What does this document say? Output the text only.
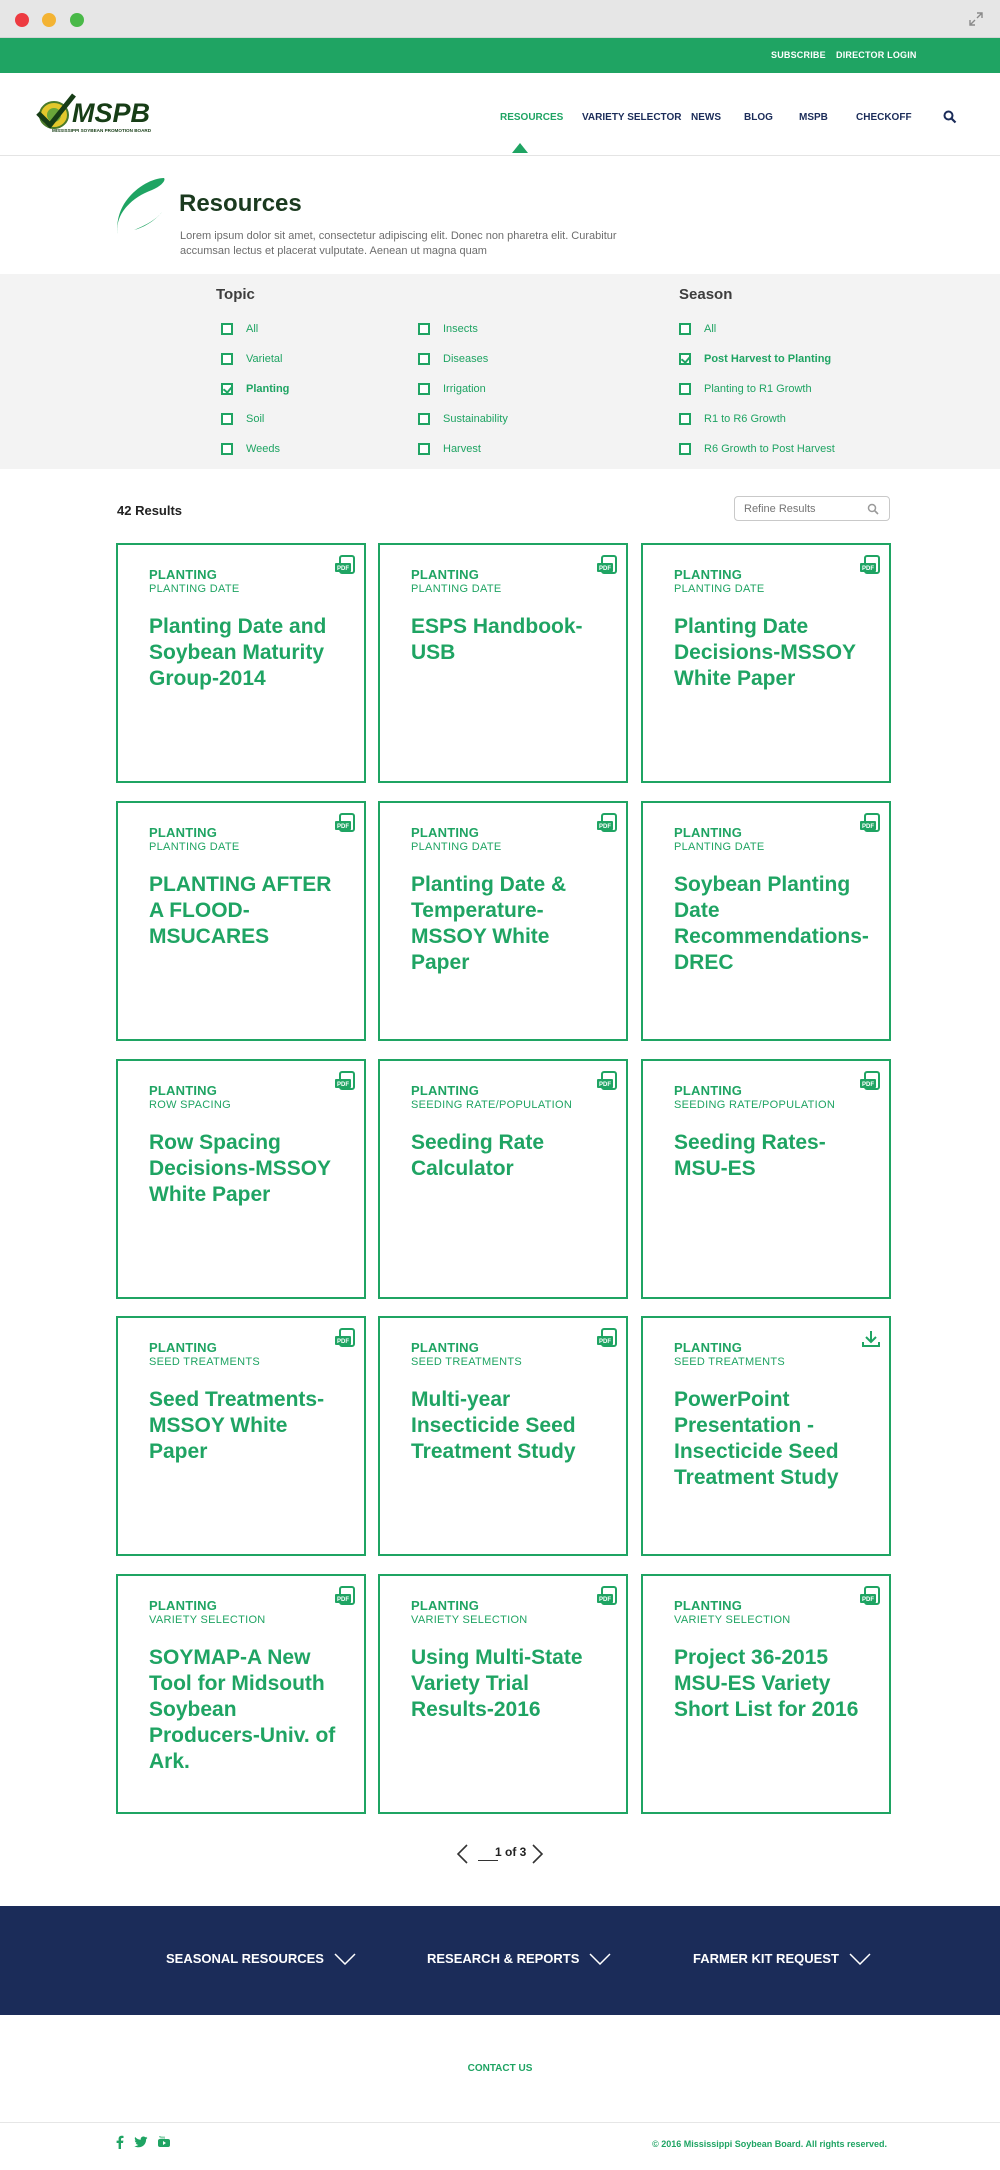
SUBSCRIBE DIRECTOR LOGIN
MSPB
MISSISSIPPI SOYBEAN PROMOTION BOARD
RESOURCES VARIETY SELECTOR NEWS BLOG	MSPB	CHECKOFF
Resources

Lorem ipsum dolor sit amet, consectetur adipiscing elit. Donec non pharetra elit. Curabitur accumsan lectus et placerat vulputate. Aenean ut magna quam

Topic	Season
All
Varietal
Planting
Soil
Weeds
Insects
Diseases
Irrigation
Sustainability
Harvest
All
Post Harvest to Planting
Planting to R1 Growth
R1 to R6 Growth
R6 Growth to Post Harvest
42 Results
Refine Results
PDF
PLANTING
PLANTING DATE
Planting Date and Soybean Maturity Group-2014
PDF
PLANTING
PLANTING DATE
ESPS Handbook-USB
PDF
PLANTING
PLANTING DATE
Planting Date Decisions-MSSOY White Paper
PDF
PLANTING
PLANTING DATE
PLANTING AFTER A FLOOD-MSUCARES
PDF
PLANTING
PLANTING DATE
Planting Date & Temperature-MSSOY White Paper
PDF
PLANTING
PLANTING DATE
Soybean Planting Date Recommendations-DREC
PDF
PLANTING
ROW SPACING
Row Spacing Decisions-MSSOY White Paper
PDF
PLANTING
SEEDING RATE/POPULATION
Seeding Rate Calculator
PDF
PLANTING
SEEDING RATE/POPULATION
Seeding Rates-MSU-ES
PDF
PLANTING
SEED TREATMENTS
Seed Treatments-MSSOY White Paper
PDF
PLANTING
SEED TREATMENTS
Multi-year Insecticide Seed Treatment Study
PLANTING
SEED TREATMENTS
PowerPoint Presentation - Insecticide Seed Treatment Study
PDF
PLANTING
VARIETY SELECTION
SOYMAP-A New Tool for Midsouth Soybean Producers-Univ. of Ark.
PDF
PLANTING
VARIETY SELECTION
Using Multi-State Variety Trial Results-2016
PDF
PLANTING
VARIETY SELECTION
Project 36-2015 MSU-ES Variety Short List for 2016
1 of 3
SEASONAL RESOURCES	RESEARCH & REPORTS	FARMER KIT REQUEST
CONTACT US
You
© 2016 Mississippi Soybean Board. All rights reserved.
